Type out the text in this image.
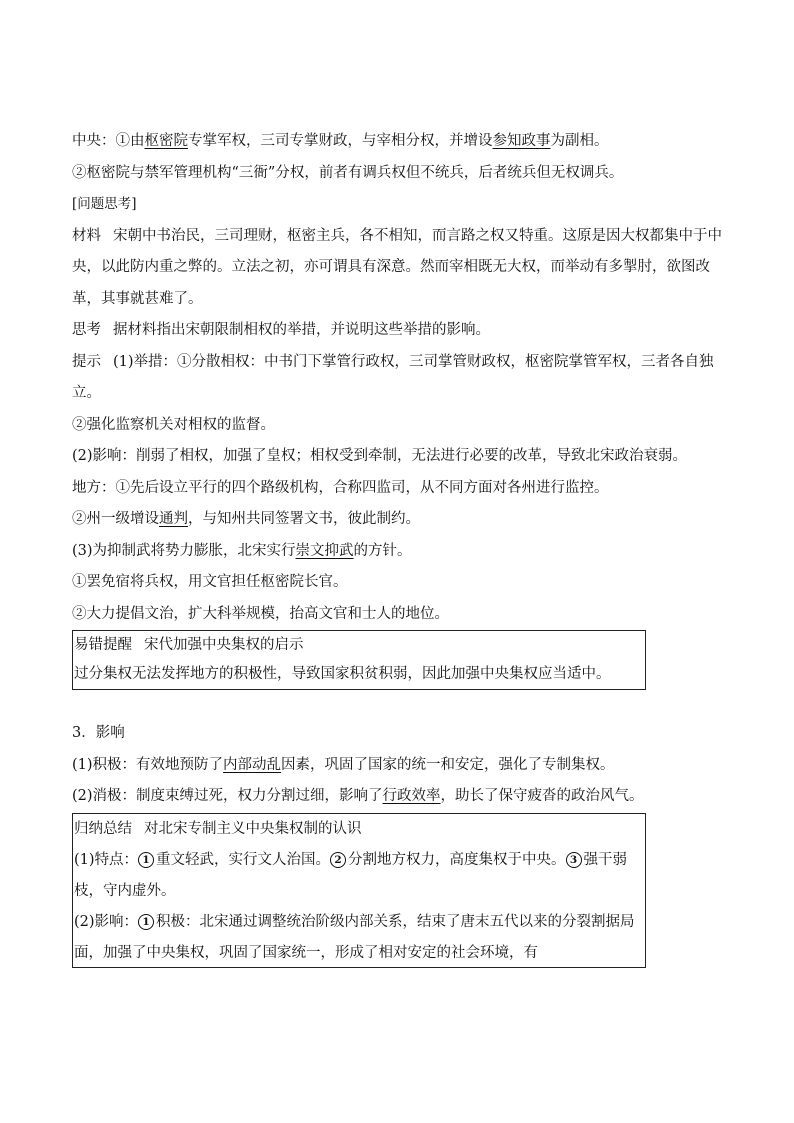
中央：①由枢密院专掌军权，三司专掌财政，与宰相分权，并增设参知政事为副相。
②枢密院与禁军管理机构“三衙”分权，前者有调兵权但不统兵，后者统兵但无权调兵。
[问题思考]
材料 宋朝中书治民，三司理财，枢密主兵，各不相知，而言路之权又特重。这原是因大权都集中于中央，以此防内重之弊的。立法之初，亦可谓具有深意。然而宰相既无大权，而举动有多掣肘，欲图改革，其事就甚难了。
思考 据材料指出宋朝限制相权的举措，并说明这些举措的影响。
提示 (1)举措：①分散相权：中书门下掌管行政权，三司掌管财政权，枢密院掌管军权，三者各自独立。
②强化监察机关对相权的监督。
(2)影响：削弱了相权，加强了皇权；相权受到牵制，无法进行必要的改革，导致北宋政治衰弱。
地方：①先后设立平行的四个路级机构，合称四监司，从不同方面对各州进行监控。
②州一级增设通判，与知州共同签署文书，彼此制约。
(3)为抑制武将势力膨胀，北宋实行崇文抑武的方针。
①罢免宿将兵权，用文官担任枢密院长官。
②大力提倡文治，扩大科举规模，抬高文官和士人的地位。
易错提醒 宋代加强中央集权的启示
过分集权无法发挥地方的积极性，导致国家积贫积弱，因此加强中央集权应当适中。
3．影响
(1)积极：有效地预防了内部动乱因素，巩固了国家的统一和安定，强化了专制集权。
(2)消极：制度束缚过死，权力分割过细，影响了行政效率，助长了保守疲沓的政治风气。
归纳总结 对北宋专制主义中央集权制的认识
(1)特点： 1 重文轻武，实行文人治国。 2 分割地方权力，高度集权于中央。 3 强干弱枝，守内虚外。
(2)影响： 1 积极：北宋通过调整统治阶级内部关系，结束了唐末五代以来的分裂割据局面，加强了中央集权，巩固了国家统一，形成了相对安定的社会环境，有
